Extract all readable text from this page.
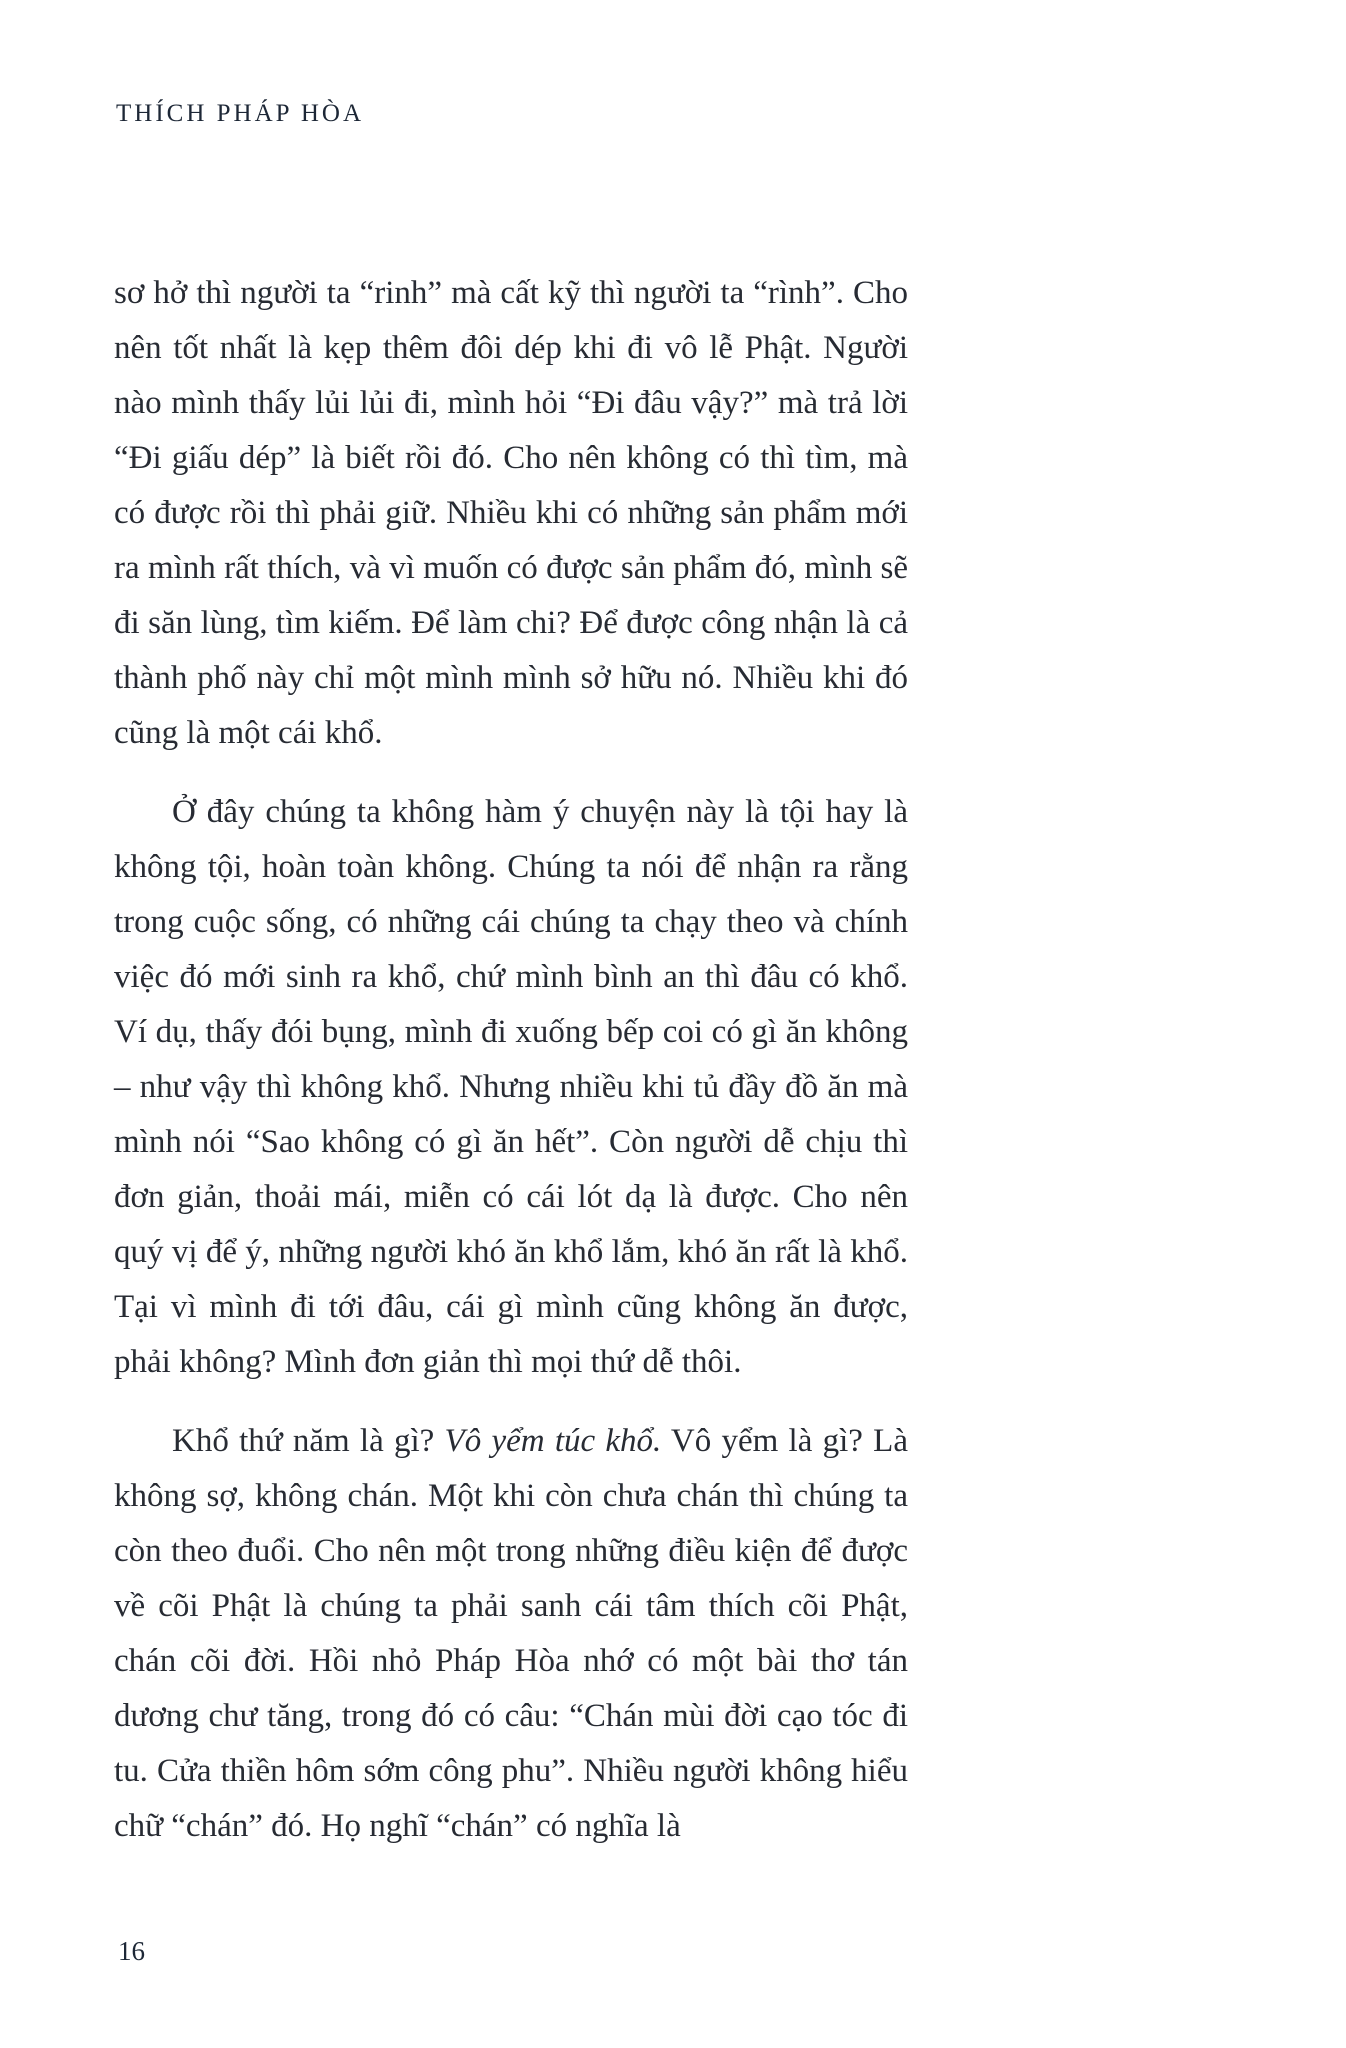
THÍCH PHÁP HÒA

sơ hở thì người ta “rinh” mà cất kỹ thì người ta “rình”. Cho nên tốt nhất là kẹp thêm đôi dép khi đi vô lễ Phật. Người nào mình thấy lủi lủi đi, mình hỏi “Đi đâu vậy?” mà trả lời “Đi giấu dép” là biết rồi đó. Cho nên không có thì tìm, mà có được rồi thì phải giữ. Nhiều khi có những sản phẩm mới ra mình rất thích, và vì muốn có được sản phẩm đó, mình sẽ đi săn lùng, tìm kiếm. Để làm chi? Để được công nhận là cả thành phố này chỉ một mình mình sở hữu nó. Nhiều khi đó cũng là một cái khổ.

Ở đây chúng ta không hàm ý chuyện này là tội hay là không tội, hoàn toàn không. Chúng ta nói để nhận ra rằng trong cuộc sống, có những cái chúng ta chạy theo và chính việc đó mới sinh ra khổ, chứ mình bình an thì đâu có khổ. Ví dụ, thấy đói bụng, mình đi xuống bếp coi có gì ăn không – như vậy thì không khổ. Nhưng nhiều khi tủ đầy đồ ăn mà mình nói “Sao không có gì ăn hết”. Còn người dễ chịu thì đơn giản, thoải mái, miễn có cái lót dạ là được. Cho nên quý vị để ý, những người khó ăn khổ lắm, khó ăn rất là khổ. Tại vì mình đi tới đâu, cái gì mình cũng không ăn được, phải không? Mình đơn giản thì mọi thứ dễ thôi.

Khổ thứ năm là gì? Vô yểm túc khổ. Vô yểm là gì? Là không sợ, không chán. Một khi còn chưa chán thì chúng ta còn theo đuổi. Cho nên một trong những điều kiện để được về cõi Phật là chúng ta phải sanh cái tâm thích cõi Phật, chán cõi đời. Hồi nhỏ Pháp Hòa nhớ có một bài thơ tán dương chư tăng, trong đó có câu: “Chán mùi đời cạo tóc đi tu. Cửa thiền hôm sớm công phu”. Nhiều người không hiểu chữ “chán” đó. Họ nghĩ “chán” có nghĩa là

16
